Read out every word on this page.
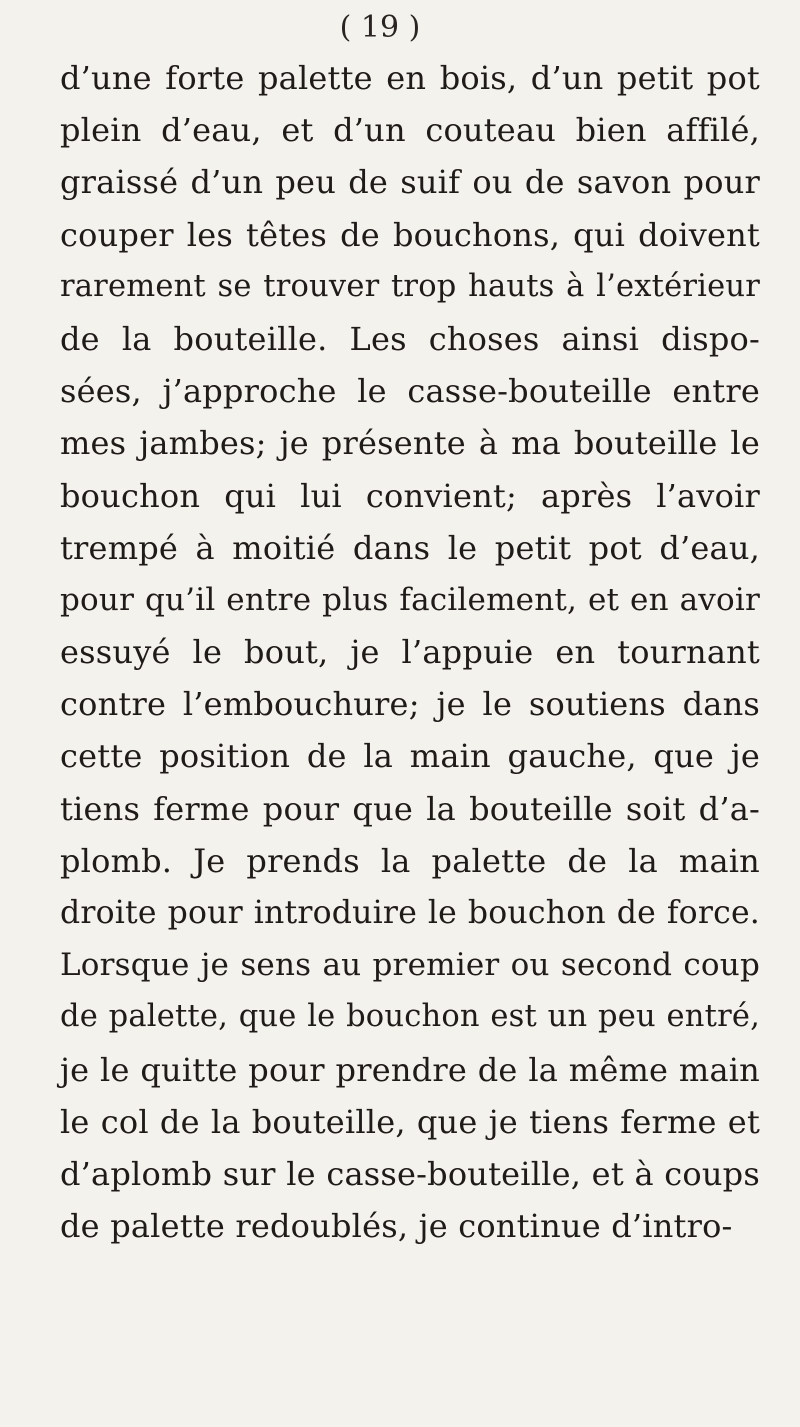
( 19 )
d’une forte palette en bois, d’un petit pot
plein d’eau, et d’un couteau bien affilé,
graissé d’un peu de suif ou de savon pour
couper les têtes de bouchons, qui doivent
rarement se trouver trop hauts à l’extérieur
de la bouteille. Les choses ainsi dispo-
sées, j’approche le casse-bouteille entre
mes jambes; je présente à ma bouteille le
bouchon qui lui convient; après l’avoir
trempé à moitié dans le petit pot d’eau,
pour qu’il entre plus facilement, et en avoir
essuyé le bout, je l’appuie en tournant
contre l’embouchure; je le soutiens dans
cette position de la main gauche, que je
tiens ferme pour que la bouteille soit d’a-
plomb. Je prends la palette de la main
droite pour introduire le bouchon de force.
Lorsque je sens au premier ou second coup
de palette, que le bouchon est un peu entré,
je le quitte pour prendre de la même main
le col de la bouteille, que je tiens ferme et
d’aplomb sur le casse-bouteille, et à coups
de palette redoublés, je continue d’intro-
